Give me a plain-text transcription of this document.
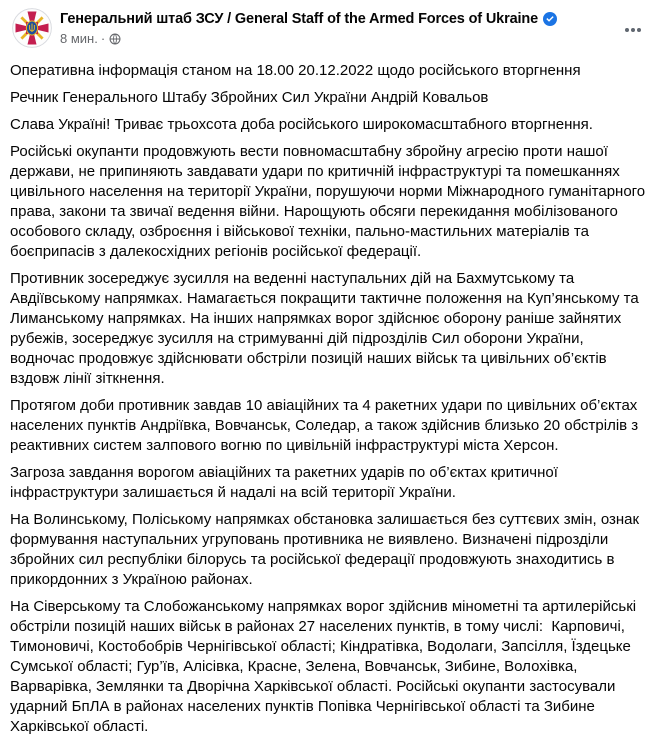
Генеральний штаб ЗСУ / General Staff of the Armed Forces of Ukraine
8 мин. ·

Оперативна інформація станом на 18.00 20.12.2022 щодо російського вторгнення

Речник Генерального Штабу Збройних Сил України Андрій Ковальов

Слава Україні! Триває трьохсота доба російського широкомасштабного вторгнення.

Російські окупанти продовжують вести повномасштабну збройну агресію проти нашої держави, не припиняють завдавати удари по критичній інфраструктурі та помешканнях цивільного населення на території України, порушуючи норми Міжнародного гуманітарного права, закони та звичаї ведення війни. Нарощують обсяги перекидання мобілізованого особового складу, озброєння і військової техніки, пально-мастильних матеріалів та боєприпасів з далекосхідних регіонів російської федерації.

Противник зосереджує зусилля на веденні наступальних дій на Бахмутському та Авдіївському напрямках. Намагається покращити тактичне положення на Куп’янському та Лиманському напрямках. На інших напрямках ворог здійснює оборону раніше зайнятих рубежів, зосереджує зусилля на стримуванні дій підрозділів Сил оборони України, водночас продовжує здійснювати обстріли позицій наших військ та цивільних об’єктів вздовж лінії зіткнення.

Протягом доби противник завдав 10 авіаційних та 4 ракетних удари по цивільних об’єктах населених пунктів Андріївка, Вовчанськ, Соледар, а також здійснив близько 20 обстрілів з реактивних систем залпового вогню по цивільній інфраструктурі міста Херсон.

Загроза завдання ворогом авіаційних та ракетних ударів по об’єктах критичної інфраструктури залишається й надалі на всій території України.

На Волинському, Поліському напрямках обстановка залишається без суттєвих змін, ознак формування наступальних угруповань противника не виявлено. Визначені підрозділи збройних сил республіки білорусь та російської федерації продовжують знаходитись в прикордонних з Україною районах.

На Сіверському та Слобожанському напрямках ворог здійснив мінометні та артилерійські обстріли позицій наших військ в районах 27 населених пунктів, в тому числі:  Карповичі, Тимоновичі, Костобобрів Чернігівської області; Кіндратівка, Водолаги, Запсілля, Їздецьке Сумської області; Гур’їв, Алісівка, Красне, Зелена, Вовчанськ, Зибине, Волохівка, Варварівка, Землянки та Дворічна Харківської області. Російські окупанти застосували ударний БпЛА в районах населених пунктів Попівка Чернігівської області та Зибине Харківської області.
